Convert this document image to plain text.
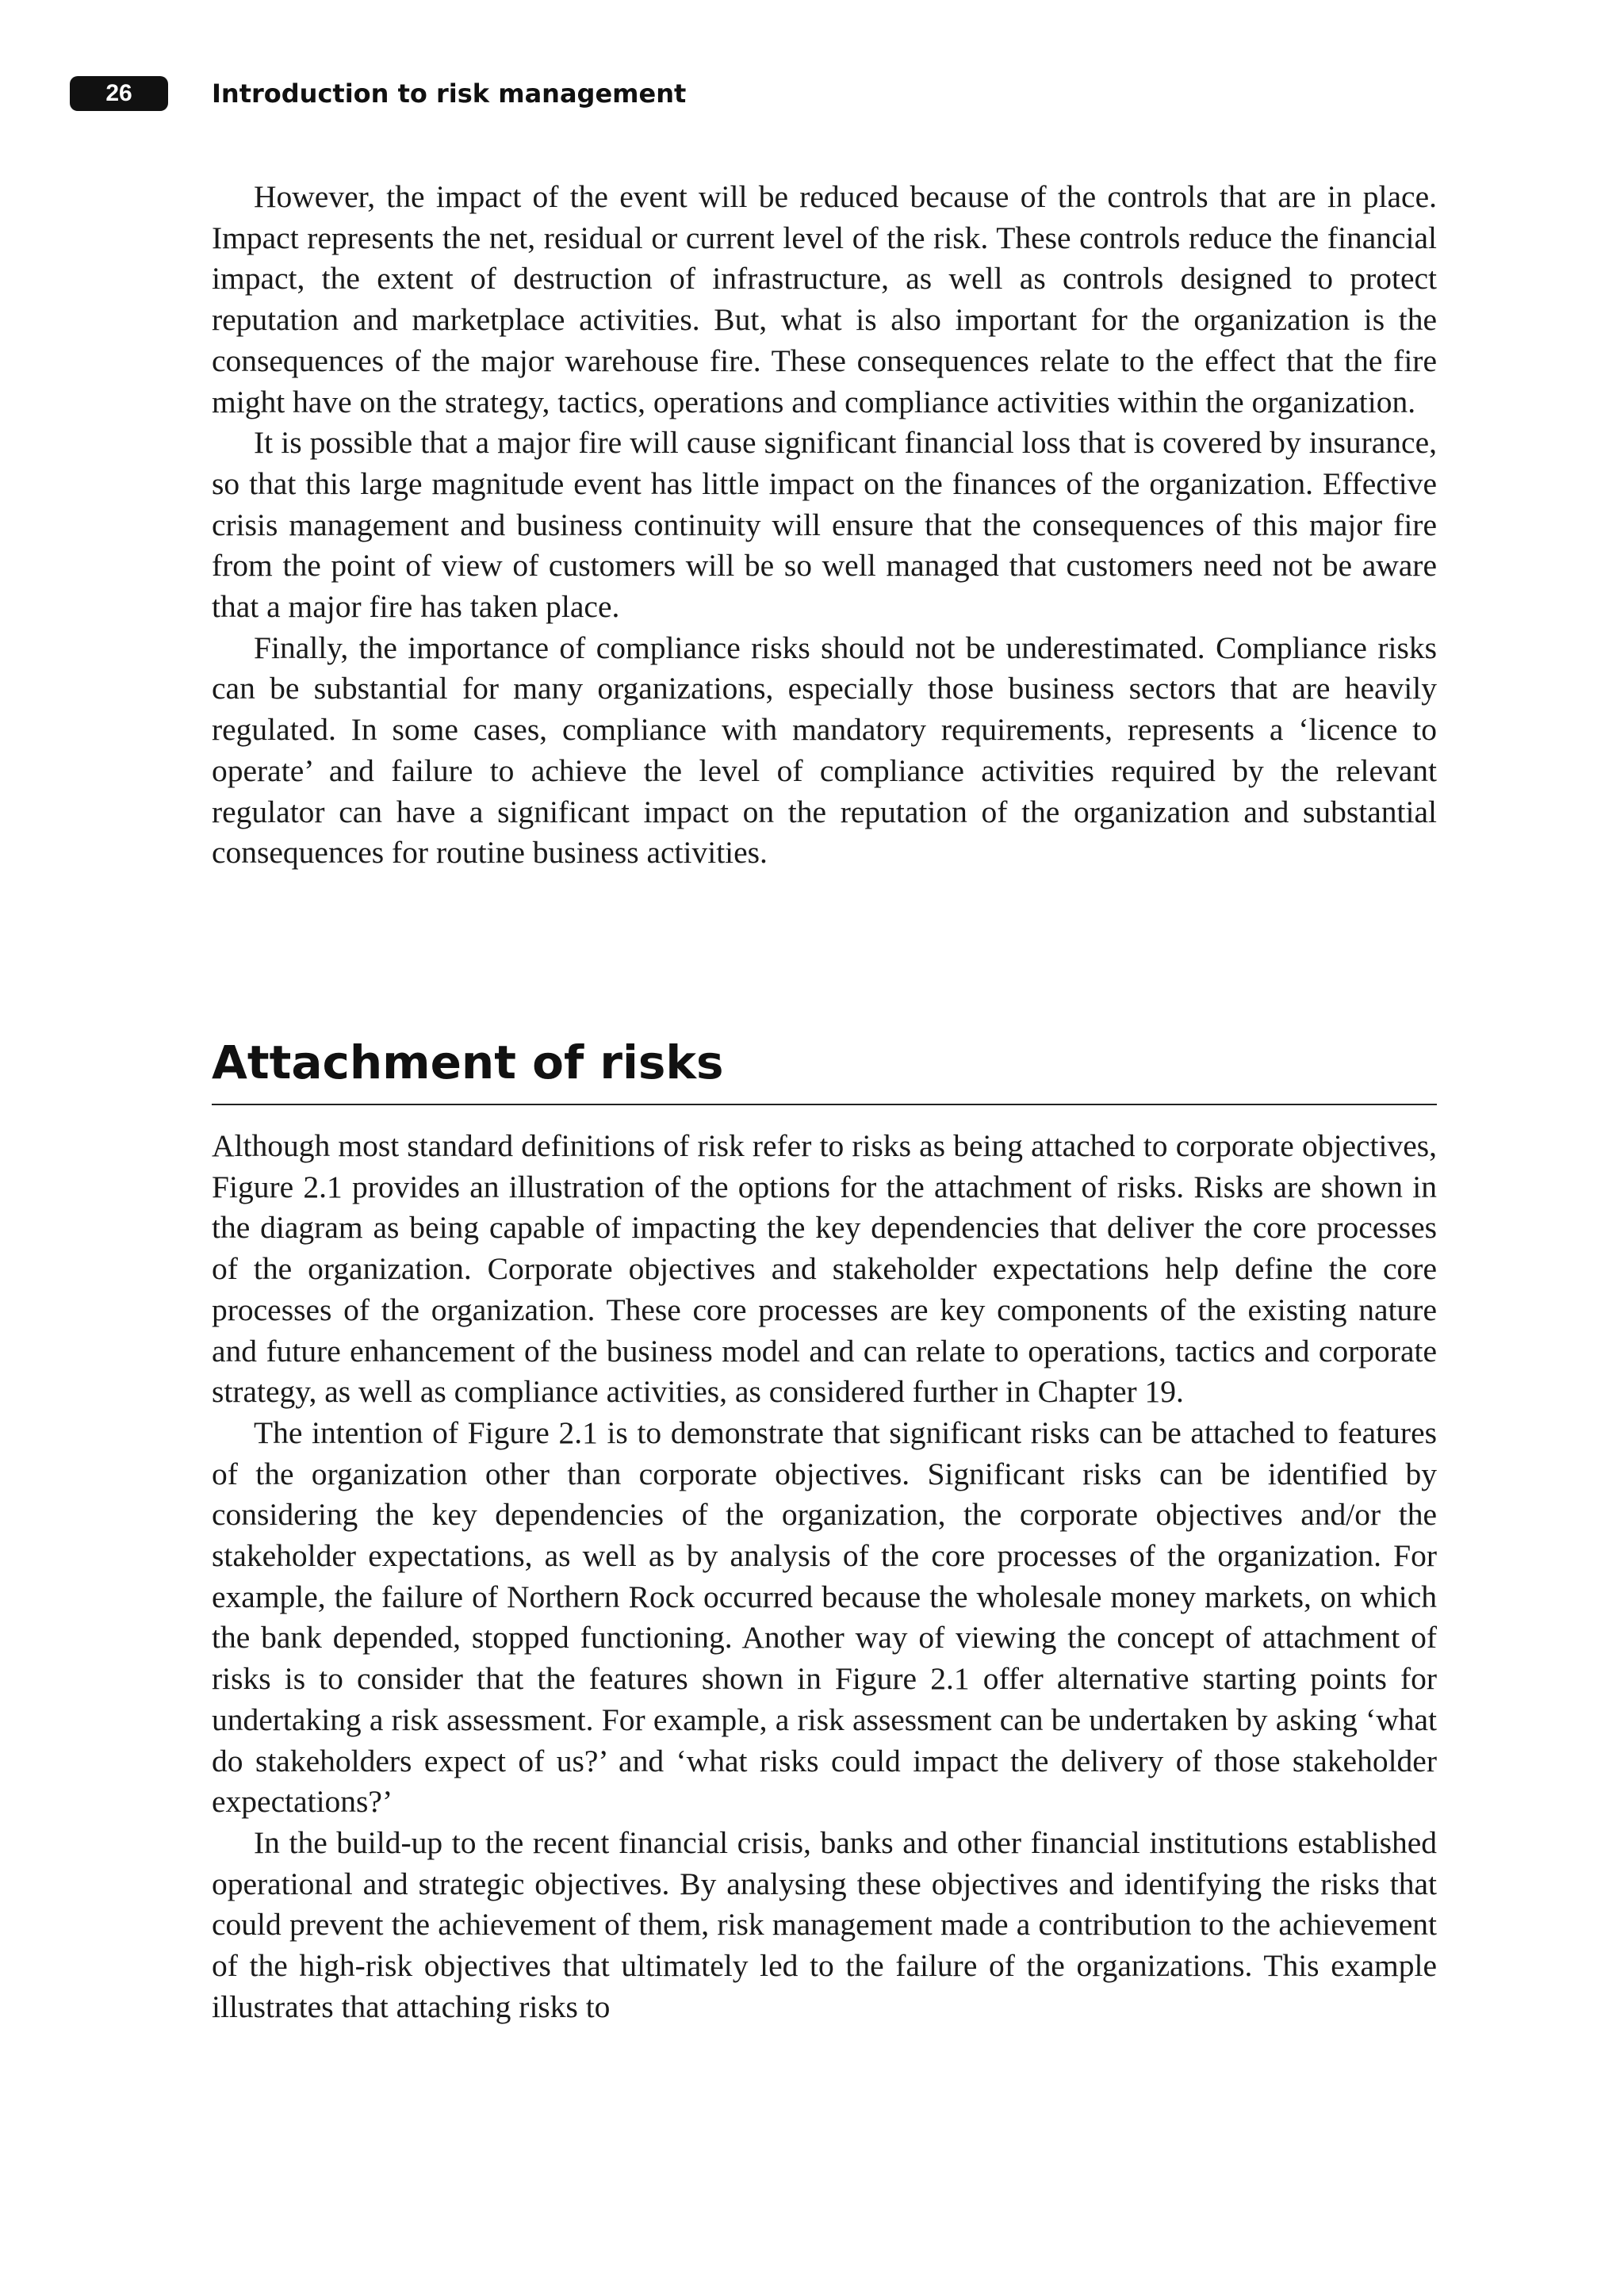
26	Introduction to risk management

However, the impact of the event will be reduced because of the controls that are in place. Impact represents the net, residual or current level of the risk. These controls reduce the financial impact, the extent of destruction of infrastructure, as well as controls designed to protect reputation and marketplace activities. But, what is also important for the organization is the consequences of the major warehouse fire. These consequences relate to the effect that the fire might have on the strategy, tactics, operations and compliance activities within the organization.

It is possible that a major fire will cause significant financial loss that is covered by insurance, so that this large magnitude event has little impact on the finances of the organization. Effective crisis management and business continuity will ensure that the consequences of this major fire from the point of view of customers will be so well managed that customers need not be aware that a major fire has taken place.

Finally, the importance of compliance risks should not be underestimated. Compliance risks can be substantial for many organizations, especially those business sectors that are heavily regulated. In some cases, compliance with mandatory requirements, represents a ‘licence to operate’ and failure to achieve the level of compliance activities required by the relevant regulator can have a significant impact on the reputation of the organization and substantial consequences for routine business activities.

Attachment of risks

Although most standard definitions of risk refer to risks as being attached to corporate objectives, Figure 2.1 provides an illustration of the options for the attachment of risks. Risks are shown in the diagram as being capable of impacting the key dependencies that deliver the core processes of the organization. Corporate objectives and stakeholder expectations help define the core processes of the organization. These core processes are key components of the existing nature and future enhancement of the business model and can relate to operations, tactics and corporate strategy, as well as compliance activities, as considered further in Chapter 19.

The intention of Figure 2.1 is to demonstrate that significant risks can be attached to features of the organization other than corporate objectives. Significant risks can be identified by considering the key dependencies of the organization, the corporate objectives and/or the stakeholder expectations, as well as by analysis of the core processes of the organization. For example, the failure of Northern Rock occurred because the wholesale money markets, on which the bank depended, stopped functioning. Another way of viewing the concept of attachment of risks is to consider that the features shown in Figure 2.1 offer alternative starting points for undertaking a risk assessment. For example, a risk assessment can be undertaken by asking ‘what do stakeholders expect of us?’ and ‘what risks could impact the delivery of those stakeholder expectations?’

In the build-up to the recent financial crisis, banks and other financial institutions established operational and strategic objectives. By analysing these objectives and identifying the risks that could prevent the achievement of them, risk management made a contribution to the achievement of the high-risk objectives that ultimately led to the failure of the organizations. This example illustrates that attaching risks to
